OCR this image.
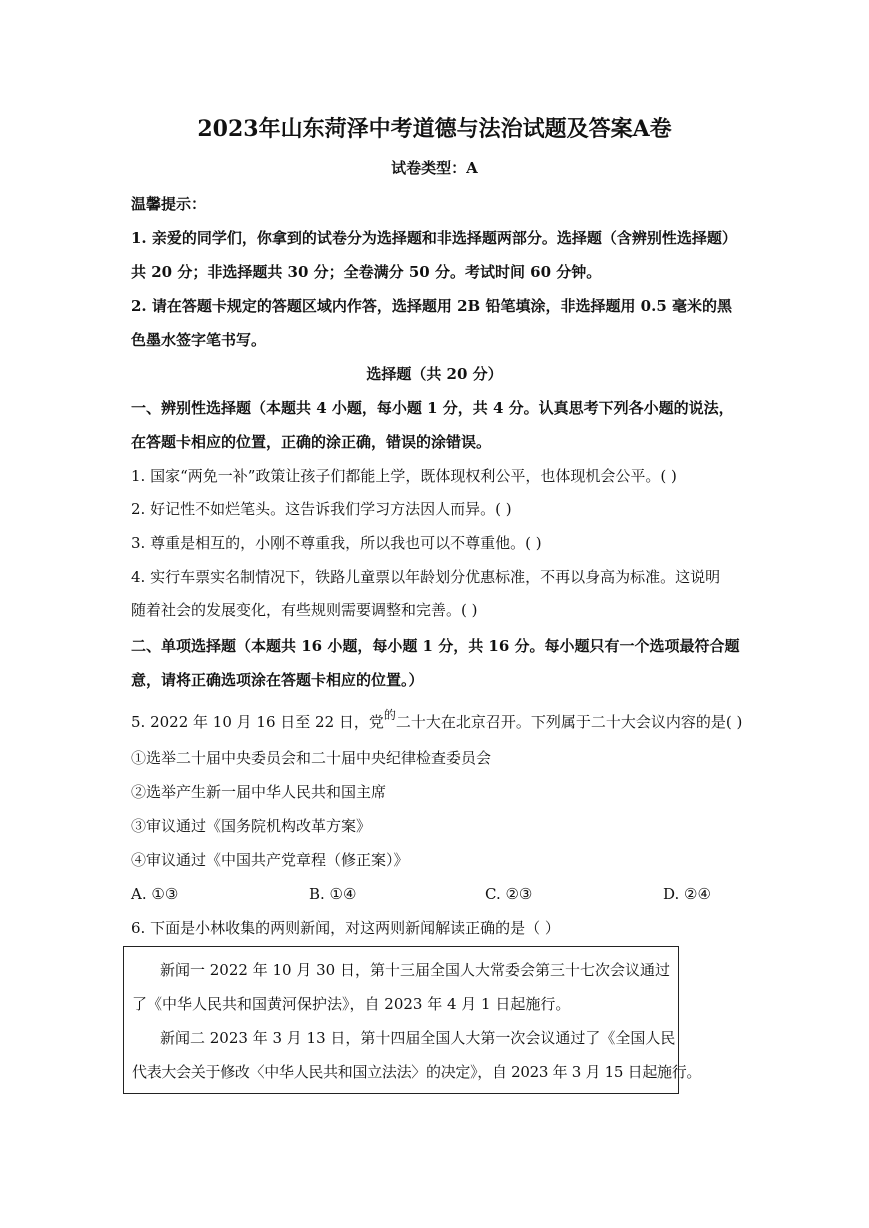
2023年山东菏泽中考道德与法治试题及答案A卷
试卷类型：A
温馨提示：
1. 亲爱的同学们，你拿到的试卷分为选择题和非选择题两部分。选择题（含辨别性选择题）
共 20 分；非选择题共 30 分；全卷满分 50 分。考试时间 60 分钟。
2. 请在答题卡规定的答题区域内作答，选择题用 2B 铅笔填涂，非选择题用 0.5 毫米的黑
色墨水签字笔书写。
选择题（共 20 分）
一、辨别性选择题（本题共 4 小题，每小题 1 分，共 4 分。认真思考下列各小题的说法，
在答题卡相应的位置，正确的涂正确，错误的涂错误。
1. 国家“两免一补”政策让孩子们都能上学，既体现权利公平，也体现机会公平。( )
2. 好记性不如烂笔头。这告诉我们学习方法因人而异。( )
3. 尊重是相互的，小刚不尊重我，所以我也可以不尊重他。( )
4. 实行车票实名制情况下，铁路儿童票以年龄划分优惠标准，不再以身高为标准。这说明
随着社会的发展变化，有些规则需要调整和完善。( )
二、单项选择题（本题共 16 小题，每小题 1 分，共 16 分。每小题只有一个选项最符合题
意，请将正确选项涂在答题卡相应的位置。）
5. 2022 年 10 月 16 日至 22 日，党$^的$二十大在北京召开。下列属于二十大会议内容的是( )
①选举二十届中央委员会和二十届中央纪律检查委员会
②选举产生新一届中华人民共和国主席
③审议通过《国务院机构改革方案》
④审议通过《中国共产党章程（修正案）》
A. ①③	B. ①④	C. ②③	D. ②④
6. 下面是小林收集的两则新闻，对这两则新闻解读正确的是（ ）
新闻一 2022 年 10 月 30 日，第十三届全国人大常委会第三十七次会议通过
了《中华人民共和国黄河保护法》，自 2023 年 4 月 1 日起施行。
新闻二 2023 年 3 月 13 日，第十四届全国人大第一次会议通过了《全国人民
代表大会关于修改〈中华人民共和国立法法〉的决定》，自 2023 年 3 月 15 日起施行。
